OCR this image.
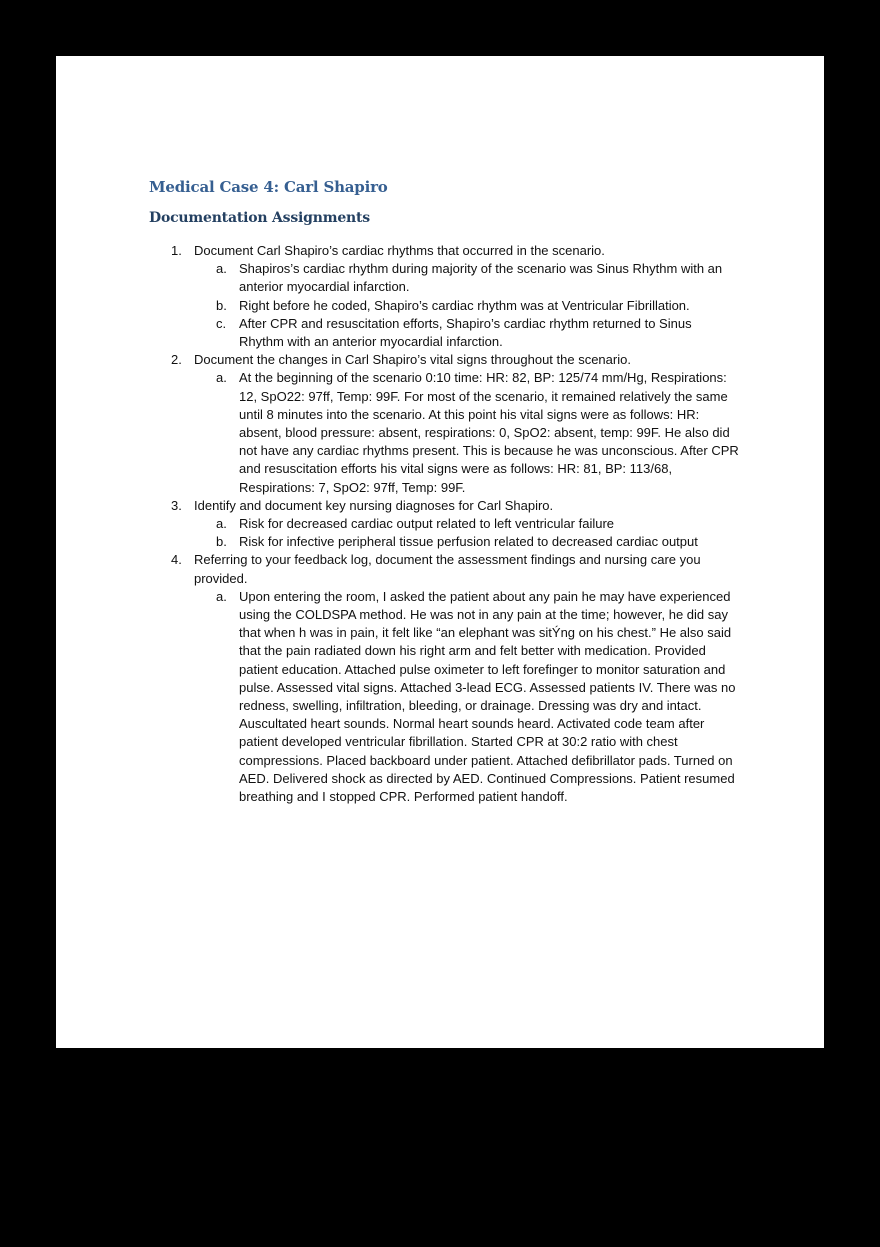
Medical Case 4: Carl Shapiro
Documentation Assignments
1. Document Carl Shapiro’s cardiac rhythms that occurred in the scenario.
a. Shapiros’s cardiac rhythm during majority of the scenario was Sinus Rhythm with an anterior myocardial infarction.
b. Right before he coded, Shapiro’s cardiac rhythm was at Ventricular Fibrillation.
c. After CPR and resuscitation efforts, Shapiro’s cardiac rhythm returned to Sinus Rhythm with an anterior myocardial infarction.
2. Document the changes in Carl Shapiro’s vital signs throughout the scenario.
a. At the beginning of the scenario 0:10 time: HR: 82, BP: 125/74 mm/Hg, Respirations: 12, SpO22: 97ff, Temp: 99F. For most of the scenario, it remained relatively the same until 8 minutes into the scenario. At this point his vital signs were as follows: HR: absent, blood pressure: absent, respirations: 0, SpO2: absent, temp: 99F. He also did not have any cardiac rhythms present. This is because he was unconscious. After CPR and resuscitation efforts his vital signs were as follows: HR: 81, BP: 113/68, Respirations: 7, SpO2: 97ff, Temp: 99F.
3. Identify and document key nursing diagnoses for Carl Shapiro.
a. Risk for decreased cardiac output related to left ventricular failure
b. Risk for infective peripheral tissue perfusion related to decreased cardiac output
4. Referring to your feedback log, document the assessment findings and nursing care you provided.
a. Upon entering the room, I asked the patient about any pain he may have experienced using the COLDSPA method. He was not in any pain at the time; however, he did say that when h was in pain, it felt like “an elephant was sitÝng on his chest.” He also said that the pain radiated down his right arm and felt better with medication. Provided patient education. Attached pulse oximeter to left forefinger to monitor saturation and pulse. Assessed vital signs. Attached 3-lead ECG. Assessed patients IV. There was no redness, swelling, infiltration, bleeding, or drainage. Dressing was dry and intact. Auscultated heart sounds. Normal heart sounds heard. Activated code team after patient developed ventricular fibrillation. Started CPR at 30:2 ratio with chest compressions. Placed backboard under patient. Attached defibrillator pads. Turned on AED. Delivered shock as directed by AED. Continued Compressions. Patient resumed breathing and I stopped CPR. Performed patient handoff.
